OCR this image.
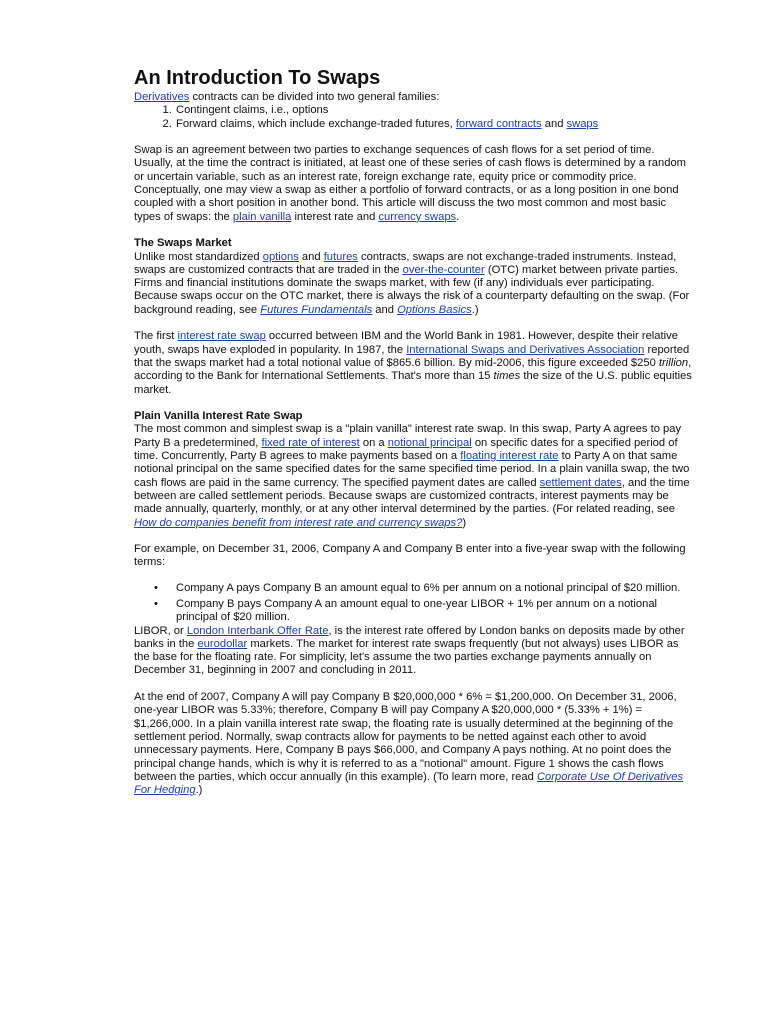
An Introduction To Swaps

Derivatives contracts can be divided into two general families:

1. Contingent claims, i.e., options
2. Forward claims, which include exchange-traded futures, forward contracts and swaps

Swap is an agreement between two parties to exchange sequences of cash flows for a set period of time. Usually, at the time the contract is initiated, at least one of these series of cash flows is determined by a random or uncertain variable, such as an interest rate, foreign exchange rate, equity price or commodity price. Conceptually, one may view a swap as either a portfolio of forward contracts, or as a long position in one bond coupled with a short position in another bond. This article will discuss the two most common and most basic types of swaps: the plain vanilla interest rate and currency swaps.

The Swaps Market

Unlike most standardized options and futures contracts, swaps are not exchange-traded instruments. Instead, swaps are customized contracts that are traded in the over-the-counter (OTC) market between private parties. Firms and financial institutions dominate the swaps market, with few (if any) individuals ever participating. Because swaps occur on the OTC market, there is always the risk of a counterparty defaulting on the swap. (For background reading, see Futures Fundamentals and Options Basics.)

The first interest rate swap occurred between IBM and the World Bank in 1981. However, despite their relative youth, swaps have exploded in popularity. In 1987, the International Swaps and Derivatives Association reported that the swaps market had a total notional value of $865.6 billion. By mid-2006, this figure exceeded $250 trillion, according to the Bank for International Settlements. That's more than 15 times the size of the U.S. public equities market.

Plain Vanilla Interest Rate Swap

The most common and simplest swap is a "plain vanilla" interest rate swap. In this swap, Party A agrees to pay Party B a predetermined, fixed rate of interest on a notional principal on specific dates for a specified period of time. Concurrently, Party B agrees to make payments based on a floating interest rate to Party A on that same notional principal on the same specified dates for the same specified time period. In a plain vanilla swap, the two cash flows are paid in the same currency. The specified payment dates are called settlement dates, and the time between are called settlement periods. Because swaps are customized contracts, interest payments may be made annually, quarterly, monthly, or at any other interval determined by the parties. (For related reading, see How do companies benefit from interest rate and currency swaps?)

For example, on December 31, 2006, Company A and Company B enter into a five-year swap with the following terms:

• Company A pays Company B an amount equal to 6% per annum on a notional principal of $20 million.
• Company B pays Company A an amount equal to one-year LIBOR + 1% per annum on a notional principal of $20 million.

LIBOR, or London Interbank Offer Rate, is the interest rate offered by London banks on deposits made by other banks in the eurodollar markets. The market for interest rate swaps frequently (but not always) uses LIBOR as the base for the floating rate. For simplicity, let's assume the two parties exchange payments annually on December 31, beginning in 2007 and concluding in 2011.

At the end of 2007, Company A will pay Company B $20,000,000 * 6% = $1,200,000. On December 31, 2006, one-year LIBOR was 5.33%; therefore, Company B will pay Company A $20,000,000 * (5.33% + 1%) = $1,266,000. In a plain vanilla interest rate swap, the floating rate is usually determined at the beginning of the settlement period. Normally, swap contracts allow for payments to be netted against each other to avoid unnecessary payments. Here, Company B pays $66,000, and Company A pays nothing. At no point does the principal change hands, which is why it is referred to as a "notional" amount. Figure 1 shows the cash flows between the parties, which occur annually (in this example). (To learn more, read Corporate Use Of Derivatives For Hedging.)
